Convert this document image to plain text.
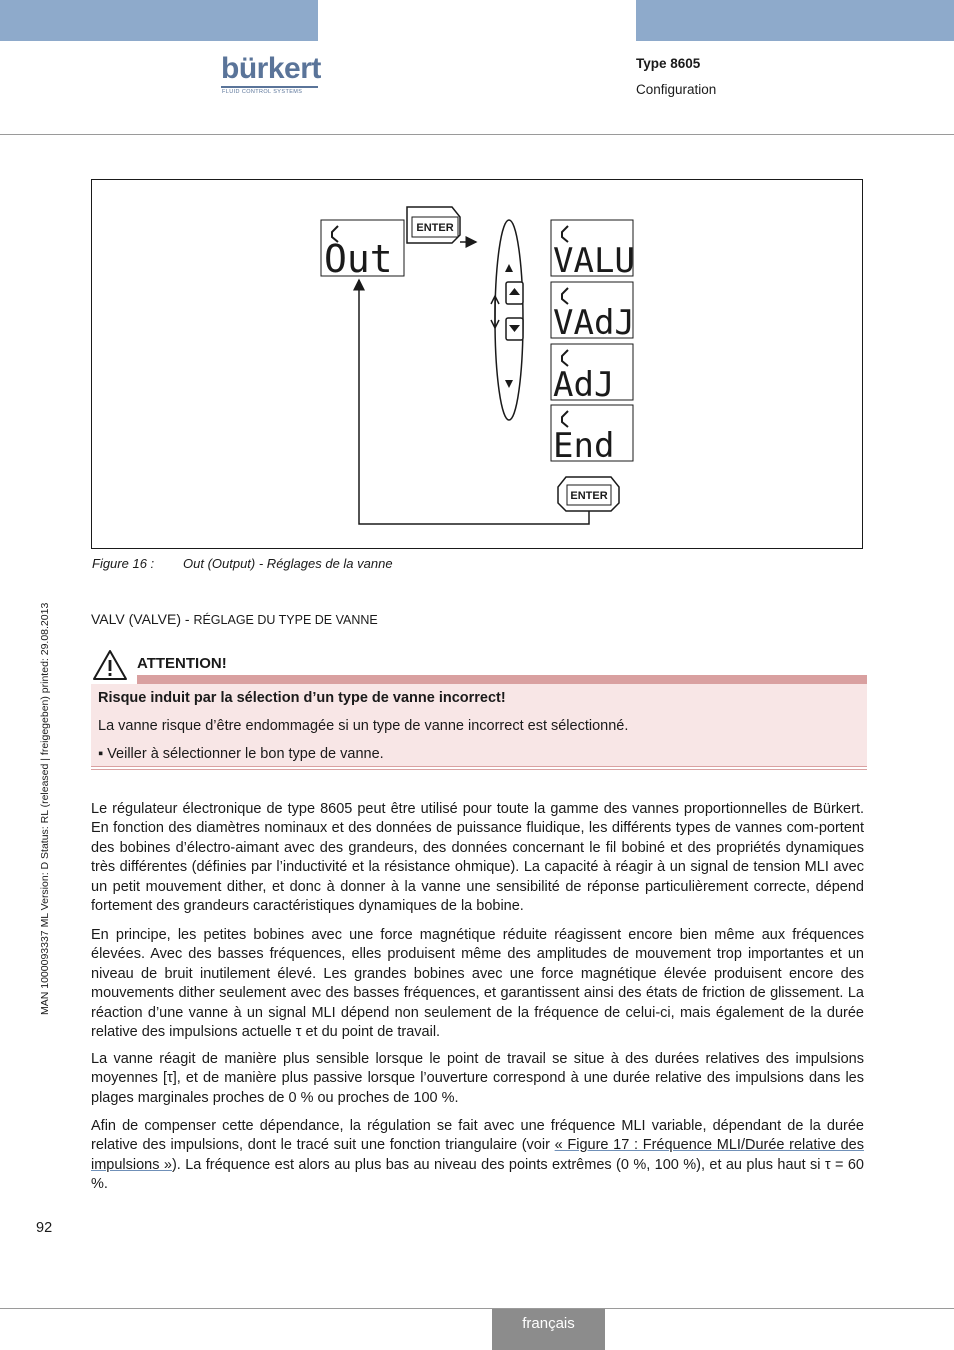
bürkert
FLUID CONTROL SYSTEMS
Type 8605
Configuration
MAN 1000093337 ML Version: D Status: RL (released | freigegeben) printed: 29.08.2013
Out
ENTER
VALU
VAdJ
AdJ
End
ENTER
Figure 16 : Out (Output) - Réglages de la vanne
VALV (VALVE) - RÉGLAGE DU TYPE DE VANNE
ATTENTION!
Risque induit par la sélection d’un type de vanne incorrect!
La vanne risque d’être endommagée si un type de vanne incorrect est sélectionné.
▪ Veiller à sélectionner le bon type de vanne.

Le régulateur électronique de type 8605 peut être utilisé pour toute la gamme des vannes proportionnelles de Bürkert. En fonction des diamètres nominaux et des données de puissance fluidique, les différents types de vannes com-portent des bobines d’électro-aimant avec des grandeurs, des données concernant le fil bobiné et des propriétés dynamiques très différentes (définies par l’inductivité et la résistance ohmique). La capacité à réagir à un signal de tension MLI avec un petit mouvement dither, et donc à donner à la vanne une sensibilité de réponse particulièrement correcte, dépend fortement des grandeurs caractéristiques dynamiques de la bobine.

En principe, les petites bobines avec une force magnétique réduite réagissent encore bien même aux fréquences élevées. Avec des basses fréquences, elles produisent même des amplitudes de mouvement trop importantes et un niveau de bruit inutilement élevé. Les grandes bobines avec une force magnétique élevée produisent encore des mouvements dither seulement avec des basses fréquences, et garantissent ainsi des états de friction de glissement. La réaction d’une vanne à un signal MLI dépend non seulement de la fréquence de celui-ci, mais également de la durée relative des impulsions actuelle τ et du point de travail.

La vanne réagit de manière plus sensible lorsque le point de travail se situe à des durées relatives des impulsions moyennes [τ], et de manière plus passive lorsque l’ouverture correspond à une durée relative des impulsions dans les plages marginales proches de 0 % ou proches de 100 %.

Afin de compenser cette dépendance, la régulation se fait avec une fréquence MLI variable, dépendant de la durée relative des impulsions, dont le tracé suit une fonction triangulaire (voir « Figure 17 : Fréquence MLI/Durée relative des impulsions »). La fréquence est alors au plus bas au niveau des points extrêmes (0 %, 100 %), et au plus haut si τ = 60 %.

92
français
